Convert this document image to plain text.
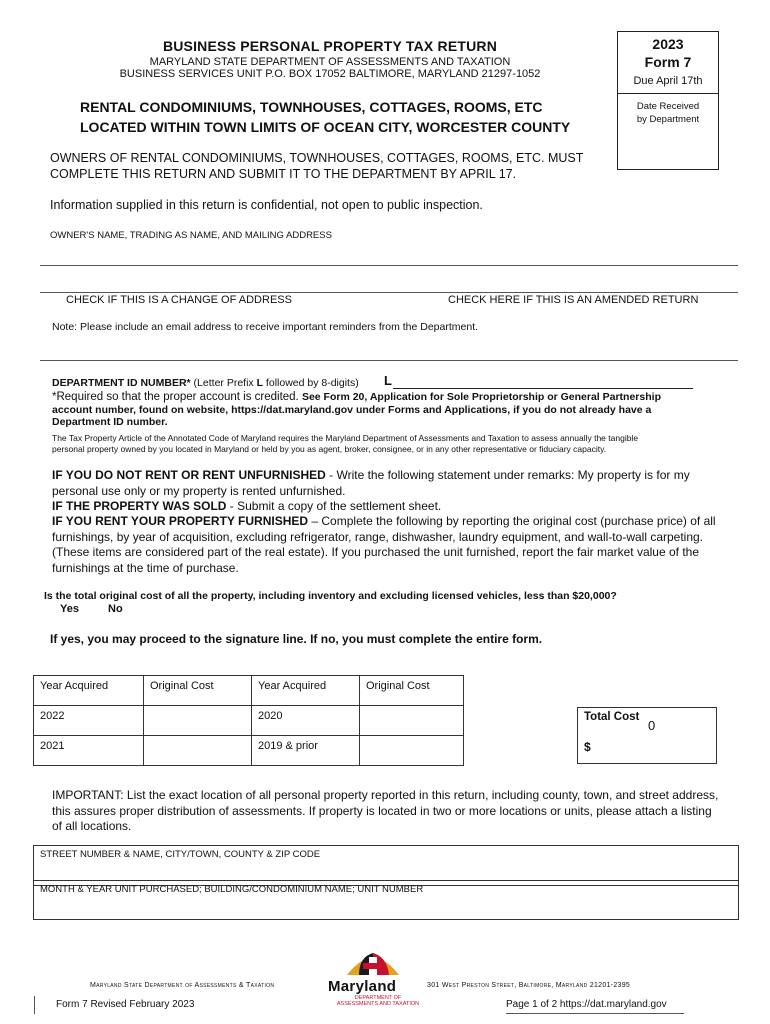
BUSINESS PERSONAL PROPERTY TAX RETURN
MARYLAND STATE DEPARTMENT OF ASSESSMENTS AND TAXATION
BUSINESS SERVICES UNIT P.O. BOX 17052 BALTIMORE, MARYLAND 21297-1052
2023
Form 7
Due April 17th
Date Received
by Department
RENTAL CONDOMINIUMS, TOWNHOUSES, COTTAGES, ROOMS, ETC
LOCATED WITHIN TOWN LIMITS OF OCEAN CITY, WORCESTER COUNTY
OWNERS OF RENTAL CONDOMINIUMS, TOWNHOUSES, COTTAGES, ROOMS, ETC. MUST COMPLETE THIS RETURN AND SUBMIT IT TO THE DEPARTMENT BY APRIL 17.
Information supplied in this return is confidential, not open to public inspection.
OWNER'S NAME, TRADING AS NAME, AND MAILING ADDRESS
CHECK IF THIS IS A CHANGE OF ADDRESS	CHECK HERE IF THIS IS AN AMENDED RETURN
Note: Please include an email address to receive important reminders from the Department.
DEPARTMENT ID NUMBER* (Letter Prefix L followed by 8-digits) L
*Required so that the proper account is credited. See Form 20, Application for Sole Proprietorship or General Partnership account number, found on website, https://dat.maryland.gov under Forms and Applications, if you do not already have a Department ID number.
The Tax Property Article of the Annotated Code of Maryland requires the Maryland Department of Assessments and Taxation to assess annually the tangible personal property owned by you located in Maryland or held by you as agent, broker, consignee, or in any other representative or fiduciary capacity.
IF YOU DO NOT RENT OR RENT UNFURNISHED - Write the following statement under remarks: My property is for my personal use only or my property is rented unfurnished.
IF THE PROPERTY WAS SOLD - Submit a copy of the settlement sheet.
IF YOU RENT YOUR PROPERTY FURNISHED – Complete the following by reporting the original cost (purchase price) of all furnishings, by year of acquisition, excluding refrigerator, range, dishwasher, laundry equipment, and wall-to-wall carpeting. (These items are considered part of the real estate). If you purchased the unit furnished, report the fair market value of the furnishings at the time of purchase.
Is the total original cost of all the property, including inventory and excluding licensed vehicles, less than $20,000?
Yes	No
If yes, you may proceed to the signature line. If no, you must complete the entire form.
Year Acquired	Original Cost	Year Acquired	Original Cost
2022		2020	
2021		2019 & prior	
Total Cost
0
$
IMPORTANT: List the exact location of all personal property reported in this return, including county, town, and street address, this assures proper distribution of assessments. If property is located in two or more locations or units, please attach a listing of all locations.
STREET NUMBER & NAME, CITY/TOWN, COUNTY & ZIP CODE
MONTH & YEAR UNIT PURCHASED; BUILDING/CONDOMINIUM NAME; UNIT NUMBER
Maryland State Department of Assessments & Taxation	Maryland
DEPARTMENT OF
ASSESSMENTS AND TAXATION
301 West Preston Street, Baltimore, Maryland 21201-2395
Form 7 Revised February 2023	Page 1 of 2 https://dat.maryland.gov
